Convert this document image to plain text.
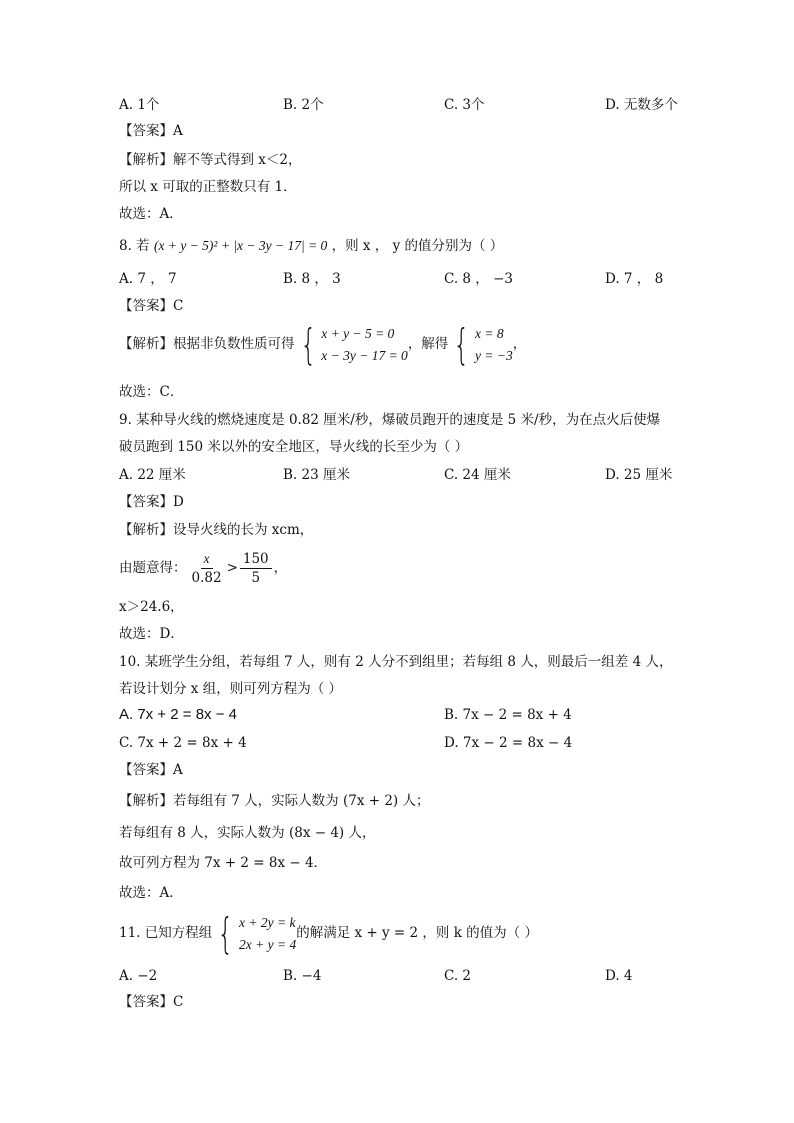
A. 1个	B. 2个	C. 3个	D. 无数多个
【答案】A
【解析】解不等式得到 x＜2，
所以 x 可取的正整数只有 1．
故选：A．
8. 若 (x + y − 5)² + |x − 3y − 17| = 0 ，则 x ， y 的值分别为（ ）
A. 7 ， 7	B. 8 ， 3	C. 8 ， −3	D. 7 ， 8
【答案】C
【解析】根据非负数性质可得 { x + y − 5 = 0
x − 3y − 17 = 0
，解得 { x = 8
y = −3
，
故选：C．
9. 某种导火线的燃烧速度是 0.82 厘米/秒，爆破员跑开的速度是 5 米/秒，为在点火后使爆
破员跑到 150 米以外的安全地区，导火线的长至少为（ ）
A. 22 厘米	B. 23 厘米	C. 24 厘米	D. 25 厘米
【答案】D
【解析】设导火线的长为 xcm，
由题意得： $\frac{x}{0.82} > \frac{150}{5}$ ，
x＞24.6，
故选：D．
10. 某班学生分组，若每组 7 人，则有 2 人分不到组里；若每组 8 人，则最后一组差 4 人，
若设计划分 x 组，则可列方程为（ ）
A. 7x + 2 = 8x − 4	B. 7x − 2 = 8x + 4
C. 7x + 2 = 8x + 4	D. 7x − 2 = 8x − 4
【答案】A
【解析】若每组有 7 人，实际人数为 (7x + 2) 人；
若每组有 8 人，实际人数为 (8x − 4) 人，
故可列方程为 7x + 2 = 8x − 4．
故选：A．
11. 已知方程组 { x + 2y = k
2x + y = 4
的解满足 x + y = 2 ，则 k 的值为（ ）
A. −2	B. −4	C. 2	D. 4
【答案】C
